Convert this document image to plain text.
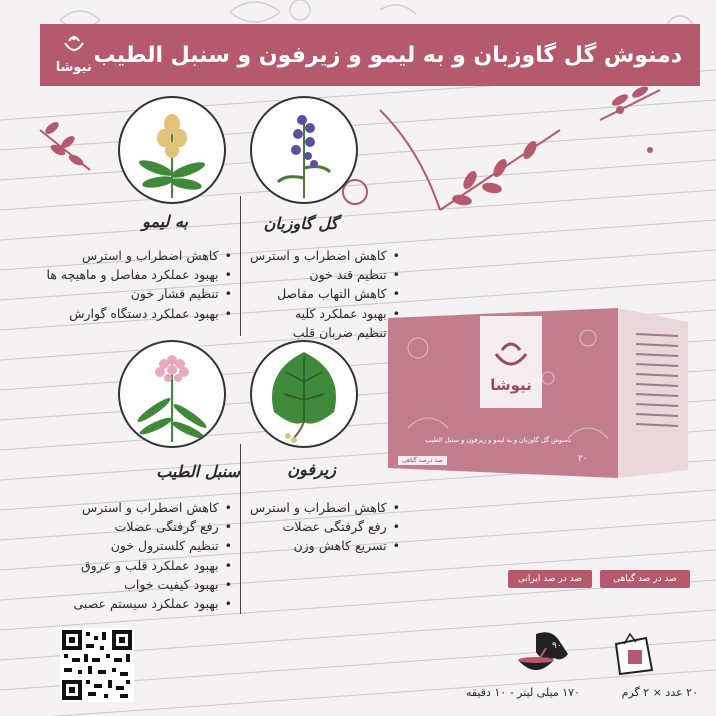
نیوشا دمنوش گل گاوزبان و به لیمو و زیرفون و سنبل الطیب
گل گاوزبان
• کاهش اضطراب و استرس
• تنظیم قند خون
• کاهش التهاب مفاصل
• بهبود عملکرد کلیه
• تنظیم ضربان قلب
به لیمو
• کاهش اضطراب و استرس
• بهبود عملکرد مفاصل و ماهیچه ها
• تنظیم فشار خون
• بهبود عملکرد دستگاه گوارش
زیرفون
• کاهش اضطراب و استرس
• رفع گرفتگی عضلات
• تسریع کاهش وزن
سنبل الطیب
• کاهش اضطراب و استرس
• رفع گرفتگی عضلات
• تنظیم کلسترول خون
• بهبود عملکرد قلب و عروق
• بهبود کیفیت خواب
• بهبود عملکرد سیستم عصبی
نیوشا
دمنوش گل گاوزبان و به لیمو و زیرفون و سنبل الطیب
صد درصد گیاهی	۲۰
صد در صد گیاهی
صد در صد ایرانی
۲۰ عدد × ۲ گرم
۹۰°
۱۷۰ میلی لیتر - ۱۰ دقیقه
